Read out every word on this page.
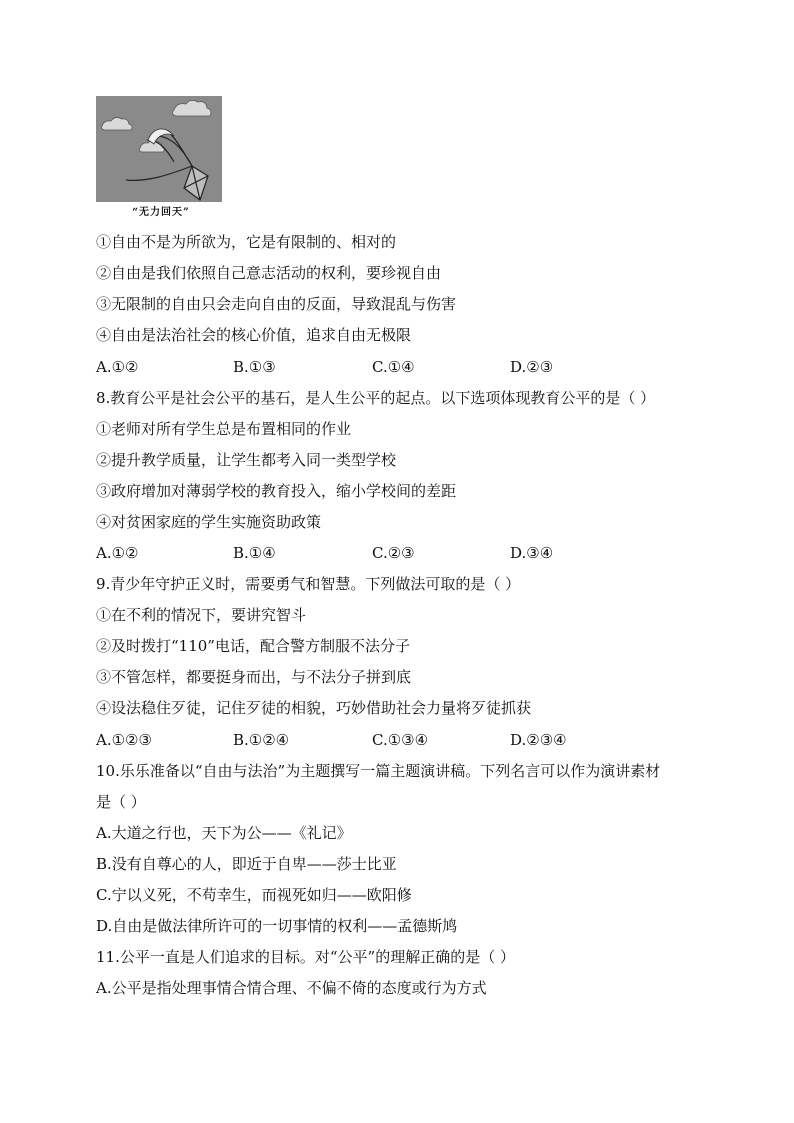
“无力回天”
①自由不是为所欲为，它是有限制的、相对的
②自由是我们依照自己意志活动的权利，要珍视自由
③无限制的自由只会走向自由的反面，导致混乱与伤害
④自由是法治社会的核心价值，追求自由无极限
A.①②	B.①③	C.①④	D.②③
8.教育公平是社会公平的基石，是人生公平的起点。以下选项体现教育公平的是（ ）
①老师对所有学生总是布置相同的作业
②提升教学质量，让学生都考入同一类型学校
③政府增加对薄弱学校的教育投入，缩小学校间的差距
④对贫困家庭的学生实施资助政策
A.①②	B.①④	C.②③	D.③④
9.青少年守护正义时，需要勇气和智慧。下列做法可取的是（ ）
①在不利的情况下，要讲究智斗
②及时拨打“110”电话，配合警方制服不法分子
③不管怎样，都要挺身而出，与不法分子拼到底
④设法稳住歹徒，记住歹徒的相貌，巧妙借助社会力量将歹徒抓获
A.①②③	B.①②④	C.①③④	D.②③④
10.乐乐准备以“自由与法治”为主题撰写一篇主题演讲稿。下列名言可以作为演讲素材
是（ ）
A.大道之行也，天下为公——《礼记》
B.没有自尊心的人，即近于自卑——莎士比亚
C.宁以义死，不苟幸生，而视死如归——欧阳修
D.自由是做法律所许可的一切事情的权利——孟德斯鸠
11.公平一直是人们追求的目标。对“公平”的理解正确的是（ ）
A.公平是指处理事情合情合理、不偏不倚的态度或行为方式
